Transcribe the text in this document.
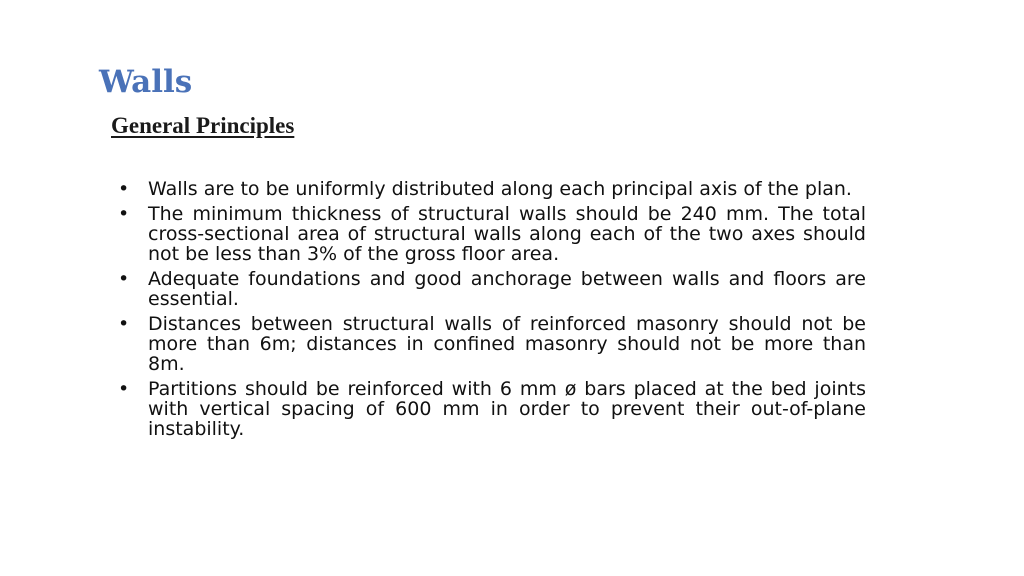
Walls
General Principles
• Walls are to be uniformly distributed along each principal axis of the plan.
• The minimum thickness of structural walls should be 240 mm. The total cross-sectional area of structural walls along each of the two axes should not be less than 3% of the gross floor area.
• Adequate foundations and good anchorage between walls and floors are essential.
• Distances between structural walls of reinforced masonry should not be more than 6m; distances in confined masonry should not be more than 8m.
• Partitions should be reinforced with 6 mm ø bars placed at the bed joints with vertical spacing of 600 mm in order to prevent their out-of-plane instability.
